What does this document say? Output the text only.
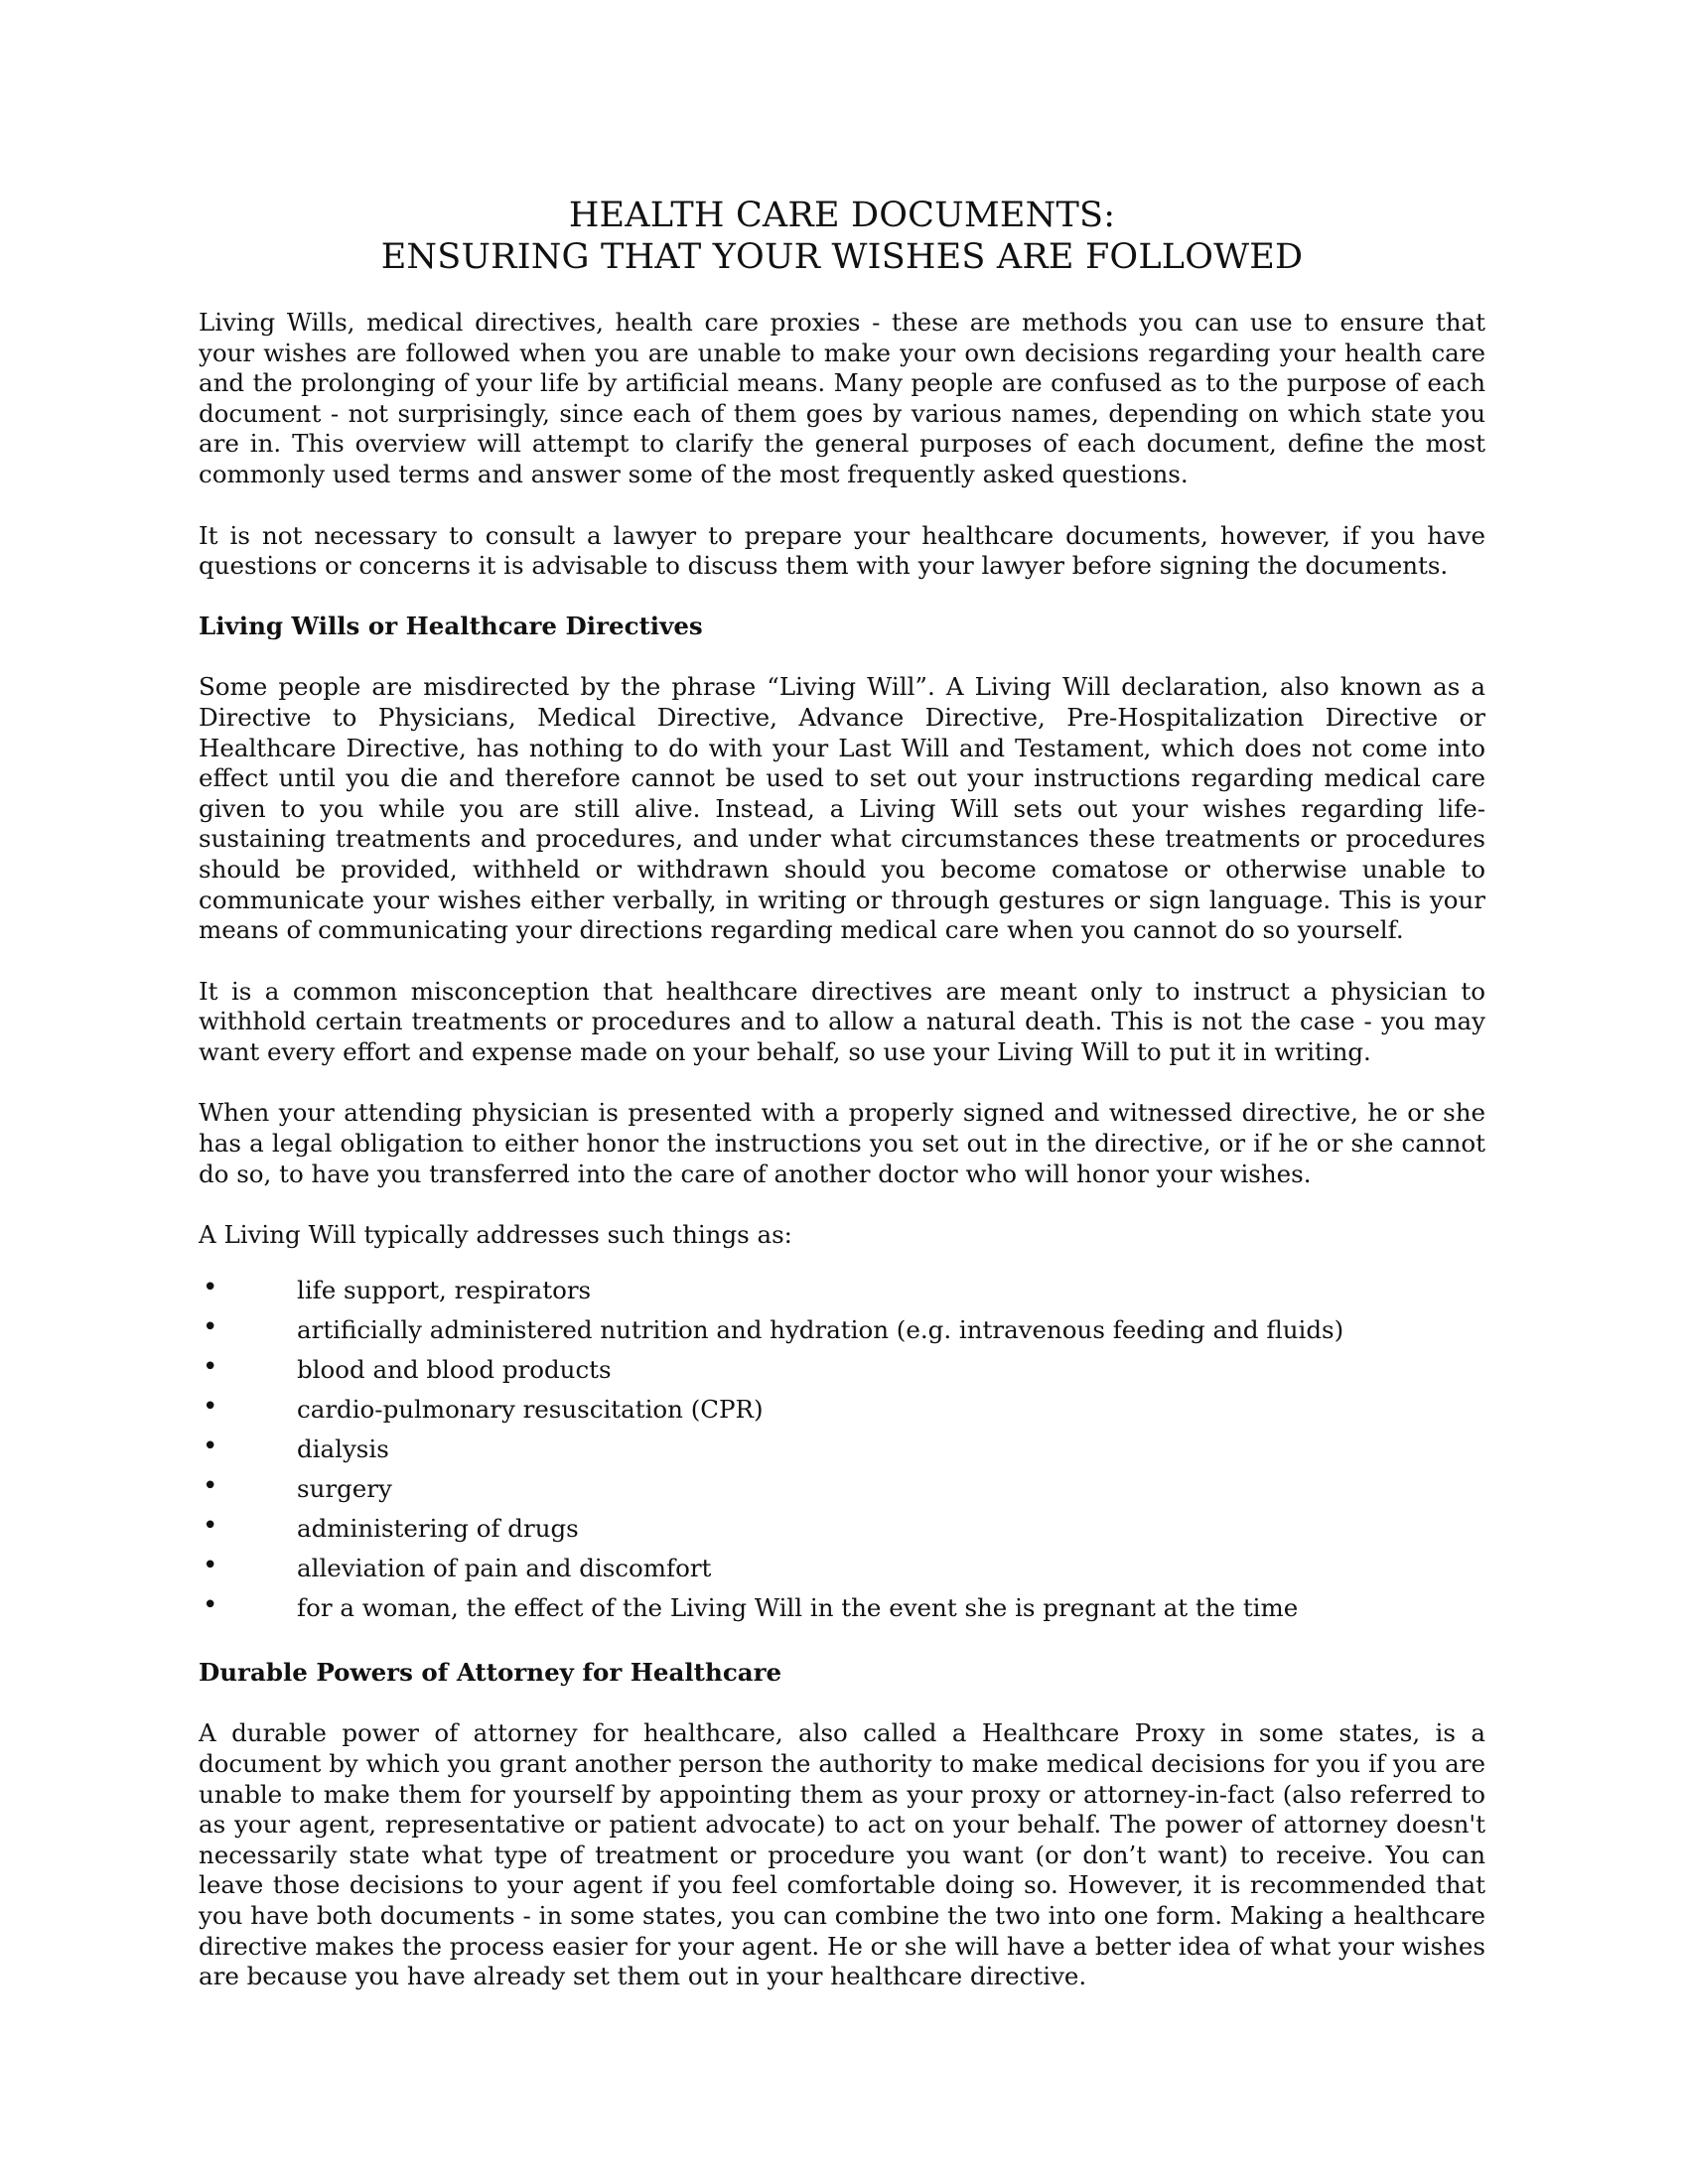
HEALTH CARE DOCUMENTS:
ENSURING THAT YOUR WISHES ARE FOLLOWED

Living Wills, medical directives, health care proxies - these are methods you can use to ensure that your wishes are followed when you are unable to make your own decisions regarding your health care and the prolonging of your life by artificial means. Many people are confused as to the purpose of each document - not surprisingly, since each of them goes by various names, depending on which state you are in. This overview will attempt to clarify the general purposes of each document, define the most commonly used terms and answer some of the most frequently asked questions.

It is not necessary to consult a lawyer to prepare your healthcare documents, however, if you have questions or concerns it is advisable to discuss them with your lawyer before signing the documents.

Living Wills or Healthcare Directives

Some people are misdirected by the phrase “Living Will”. A Living Will declaration, also known as a Directive to Physicians, Medical Directive, Advance Directive, Pre-Hospitalization Directive or Healthcare Directive, has nothing to do with your Last Will and Testament, which does not come into effect until you die and therefore cannot be used to set out your instructions regarding medical care given to you while you are still alive. Instead, a Living Will sets out your wishes regarding life-sustaining treatments and procedures, and under what circumstances these treatments or procedures should be provided, withheld or withdrawn should you become comatose or otherwise unable to communicate your wishes either verbally, in writing or through gestures or sign language. This is your means of communicating your directions regarding medical care when you cannot do so yourself.

It is a common misconception that healthcare directives are meant only to instruct a physician to withhold certain treatments or procedures and to allow a natural death. This is not the case - you may want every effort and expense made on your behalf, so use your Living Will to put it in writing.

When your attending physician is presented with a properly signed and witnessed directive, he or she has a legal obligation to either honor the instructions you set out in the directive, or if he or she cannot do so, to have you transferred into the care of another doctor who will honor your wishes.

A Living Will typically addresses such things as:

•	life support, respirators
•	artificially administered nutrition and hydration (e.g. intravenous feeding and fluids)
•	blood and blood products
•	cardio-pulmonary resuscitation (CPR)
•	dialysis
•	surgery
•	administering of drugs
•	alleviation of pain and discomfort
•	for a woman, the effect of the Living Will in the event she is pregnant at the time
Durable Powers of Attorney for Healthcare

A durable power of attorney for healthcare, also called a Healthcare Proxy in some states, is a document by which you grant another person the authority to make medical decisions for you if you are unable to make them for yourself by appointing them as your proxy or attorney-in-fact (also referred to as your agent, representative or patient advocate) to act on your behalf. The power of attorney doesn't necessarily state what type of treatment or procedure you want (or don’t want) to receive. You can leave those decisions to your agent if you feel comfortable doing so. However, it is recommended that you have both documents - in some states, you can combine the two into one form. Making a healthcare directive makes the process easier for your agent. He or she will have a better idea of what your wishes are because you have already set them out in your healthcare directive.
